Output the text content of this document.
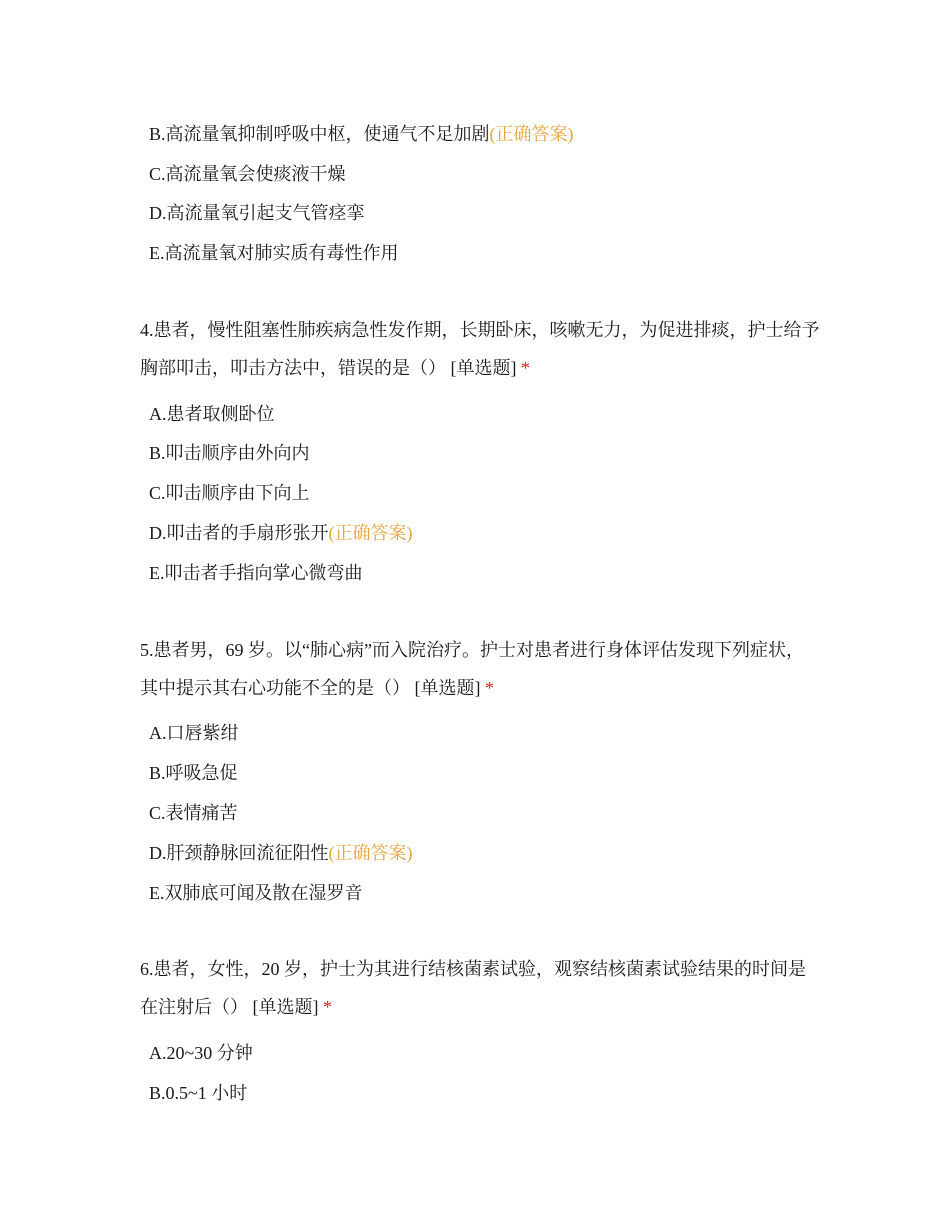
B.高流量氧抑制呼吸中枢，使通气不足加剧(正确答案)
C.高流量氧会使痰液干燥
D.高流量氧引起支气管痉挛
E.高流量氧对肺实质有毒性作用
4.患者，慢性阻塞性肺疾病急性发作期，长期卧床，咳嗽无力，为促进排痰，护士给予胸部叩击，叩击方法中，错误的是（） [单选题] *
A.患者取侧卧位
B.叩击顺序由外向内
C.叩击顺序由下向上
D.叩击者的手扇形张开(正确答案)
E.叩击者手指向掌心微弯曲
5.患者男，69 岁。以“肺心病”而入院治疗。护士对患者进行身体评估发现下列症状，其中提示其右心功能不全的是（） [单选题] *
A.口唇紫绀
B.呼吸急促
C.表情痛苦
D.肝颈静脉回流征阳性(正确答案)
E.双肺底可闻及散在湿罗音
6.患者，女性，20 岁，护士为其进行结核菌素试验，观察结核菌素试验结果的时间是在注射后（） [单选题] *
A.20~30 分钟
B.0.5~1 小时
